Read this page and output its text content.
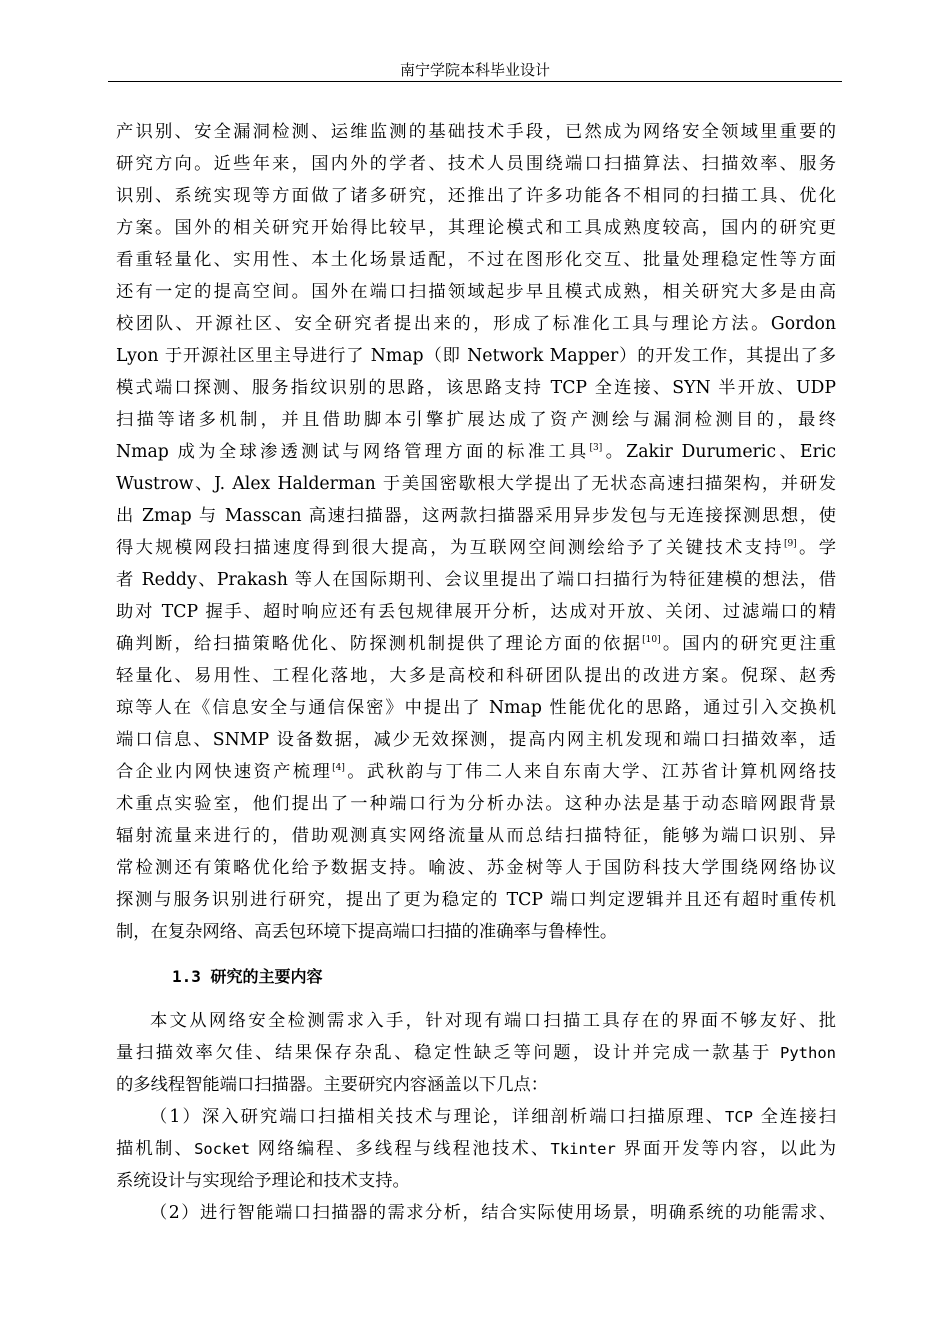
南宁学院本科毕业设计
产识别、安全漏洞检测、运维监测的基础技术手段，已然成为网络安全领域里重要的
研究方向。近些年来，国内外的学者、技术人员围绕端口扫描算法、扫描效率、服务
识别、系统实现等方面做了诸多研究，还推出了许多功能各不相同的扫描工具、优化
方案。国外的相关研究开始得比较早，其理论模式和工具成熟度较高，国内的研究更
看重轻量化、实用性、本土化场景适配，不过在图形化交互、批量处理稳定性等方面
还有一定的提高空间。国外在端口扫描领域起步早且模式成熟，相关研究大多是由高
校团队、开源社区、安全研究者提出来的，形成了标准化工具与理论方法。Gordon
Lyon 于开源社区里主导进行了 Nmap（即 Network Mapper）的开发工作，其提出了多
模式端口探测、服务指纹识别的思路，该思路支持 TCP 全连接、SYN 半开放、UDP
扫描等诸多机制，并且借助脚本引擎扩展达成了资产测绘与漏洞检测目的，最终
Nmap 成为全球渗透测试与网络管理方面的标准工具[3]。Zakir Durumeric、Eric
Wustrow、J. Alex Halderman 于美国密歇根大学提出了无状态高速扫描架构，并研发
出 Zmap 与 Masscan 高速扫描器，这两款扫描器采用异步发包与无连接探测思想，使
得大规模网段扫描速度得到很大提高，为互联网空间测绘给予了关键技术支持[9]。学
者 Reddy、Prakash 等人在国际期刊、会议里提出了端口扫描行为特征建模的想法，借
助对 TCP 握手、超时响应还有丢包规律展开分析，达成对开放、关闭、过滤端口的精
确判断，给扫描策略优化、防探测机制提供了理论方面的依据[10]。国内的研究更注重
轻量化、易用性、工程化落地，大多是高校和科研团队提出的改进方案。倪琛、赵秀
琼等人在《信息安全与通信保密》中提出了 Nmap 性能优化的思路，通过引入交换机
端口信息、SNMP 设备数据，减少无效探测，提高内网主机发现和端口扫描效率，适
合企业内网快速资产梳理[4]。武秋韵与丁伟二人来自东南大学、江苏省计算机网络技
术重点实验室，他们提出了一种端口行为分析办法。这种办法是基于动态暗网跟背景
辐射流量来进行的，借助观测真实网络流量从而总结扫描特征，能够为端口识别、异
常检测还有策略优化给予数据支持。喻波、苏金树等人于国防科技大学围绕网络协议
探测与服务识别进行研究，提出了更为稳定的 TCP 端口判定逻辑并且还有超时重传机
制，在复杂网络、高丢包环境下提高端口扫描的准确率与鲁棒性。
1.3 研究的主要内容
本文从网络安全检测需求入手，针对现有端口扫描工具存在的界面不够友好、批
量扫描效率欠佳、结果保存杂乱、稳定性缺乏等问题，设计并完成一款基于 Python
的多线程智能端口扫描器。主要研究内容涵盖以下几点：
（1）深入研究端口扫描相关技术与理论，详细剖析端口扫描原理、TCP 全连接扫
描机制、Socket 网络编程、多线程与线程池技术、Tkinter 界面开发等内容，以此为
系统设计与实现给予理论和技术支持。
（2）进行智能端口扫描器的需求分析，结合实际使用场景，明确系统的功能需求、
